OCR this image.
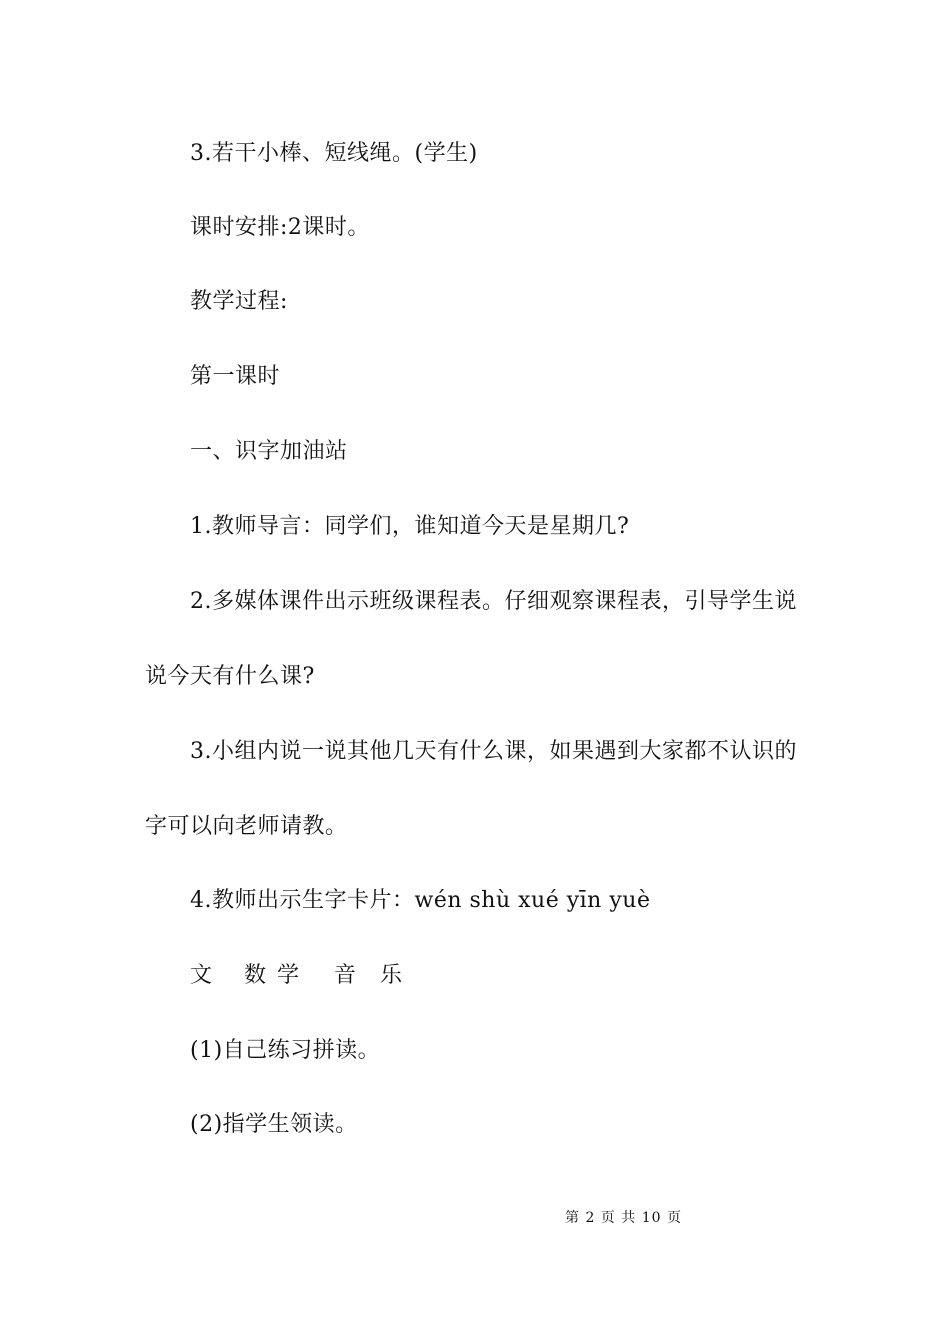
3.若干小棒、短线绳。(学生)
课时安排:2课时。
教学过程:
第一课时
一、识字加油站
1.教师导言：同学们，谁知道今天是星期几?
2.多媒体课件出示班级课程表。仔细观察课程表，引导学生说
说今天有什么课?
3.小组内说一说其他几天有什么课，如果遇到大家都不认识的
字可以向老师请教。
4.教师出示生字卡片：wén shù xué yīn yuè
文 数 学 音 乐
(1)自己练习拼读。
(2)指学生领读。
第 2 页 共 10 页
